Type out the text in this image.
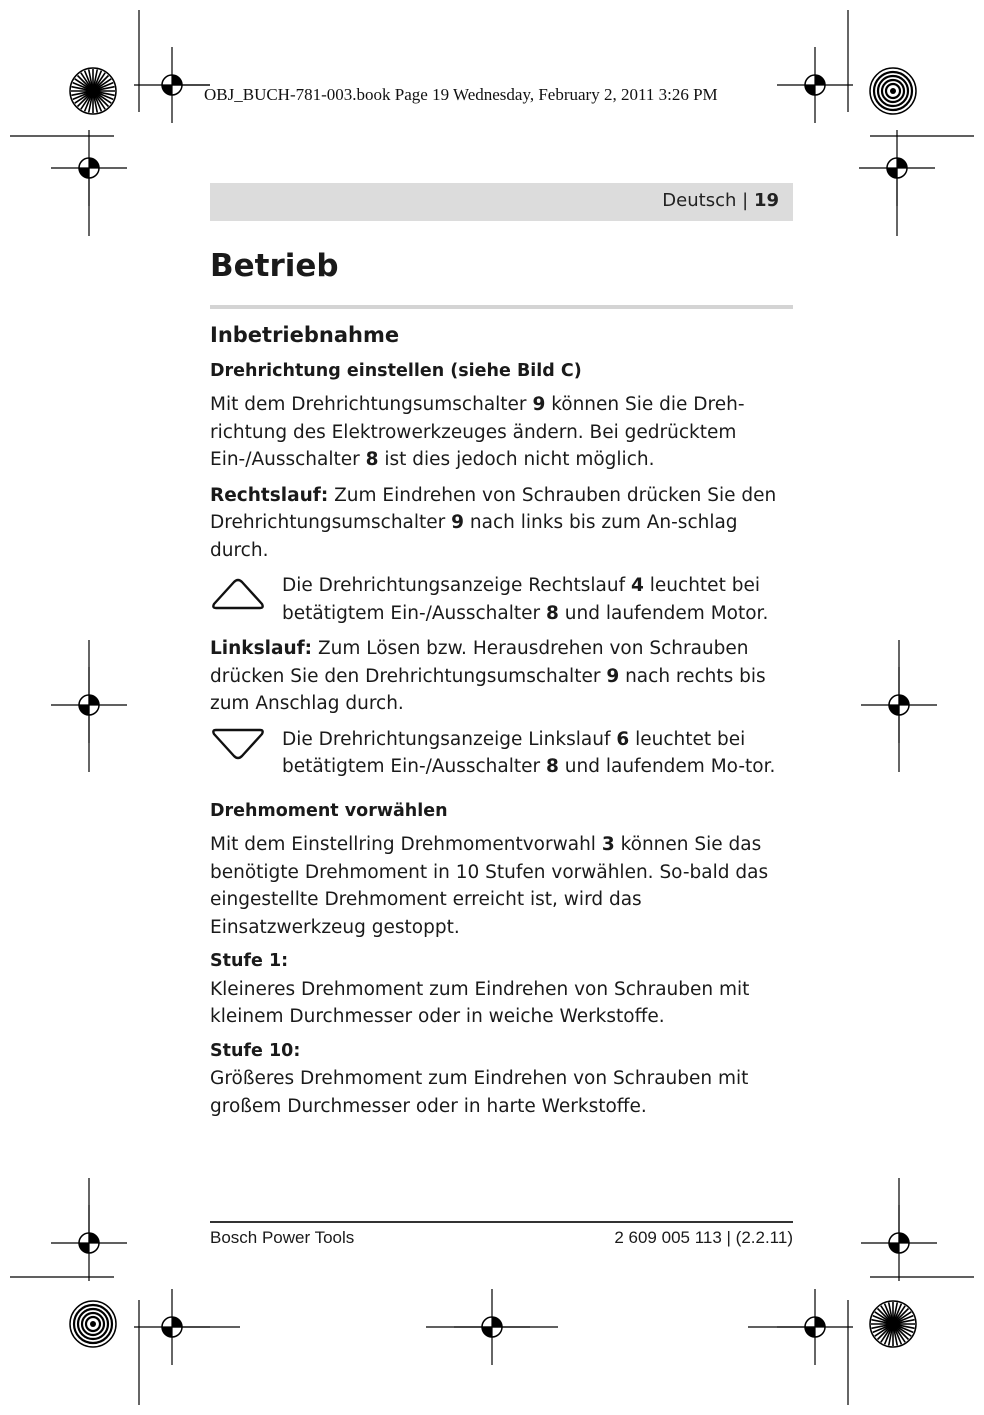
OBJ_BUCH-781-003.book Page 19 Wednesday, February 2, 2011 3:26 PM
Deutsch | 19
Betrieb
Inbetriebnahme
Drehrichtung einstellen (siehe Bild C)

Mit dem Drehrichtungsumschalter 9 können Sie die Dreh-richtung des Elektrowerkzeuges ändern. Bei gedrücktem Ein-/Ausschalter 8 ist dies jedoch nicht möglich.

Rechtslauf: Zum Eindrehen von Schrauben drücken Sie den Drehrichtungsumschalter 9 nach links bis zum An-schlag durch.

Die Drehrichtungsanzeige Rechtslauf 4 leuchtet bei betätigtem Ein-/Ausschalter 8 und laufendem Motor.

Linkslauf: Zum Lösen bzw. Herausdrehen von Schrauben drücken Sie den Drehrichtungsumschalter 9 nach rechts bis zum Anschlag durch.

Die Drehrichtungsanzeige Linkslauf 6 leuchtet bei betätigtem Ein-/Ausschalter 8 und laufendem Mo-tor.

Drehmoment vorwählen

Mit dem Einstellring Drehmomentvorwahl 3 können Sie das benötigte Drehmoment in 10 Stufen vorwählen. So-bald das eingestellte Drehmoment erreicht ist, wird das Einsatzwerkzeug gestoppt.

Stufe 1:

Kleineres Drehmoment zum Eindrehen von Schrauben mit kleinem Durchmesser oder in weiche Werkstoffe.

Stufe 10:

Größeres Drehmoment zum Eindrehen von Schrauben mit großem Durchmesser oder in harte Werkstoffe.

Bosch Power Tools	2 609 005 113 | (2.2.11)
